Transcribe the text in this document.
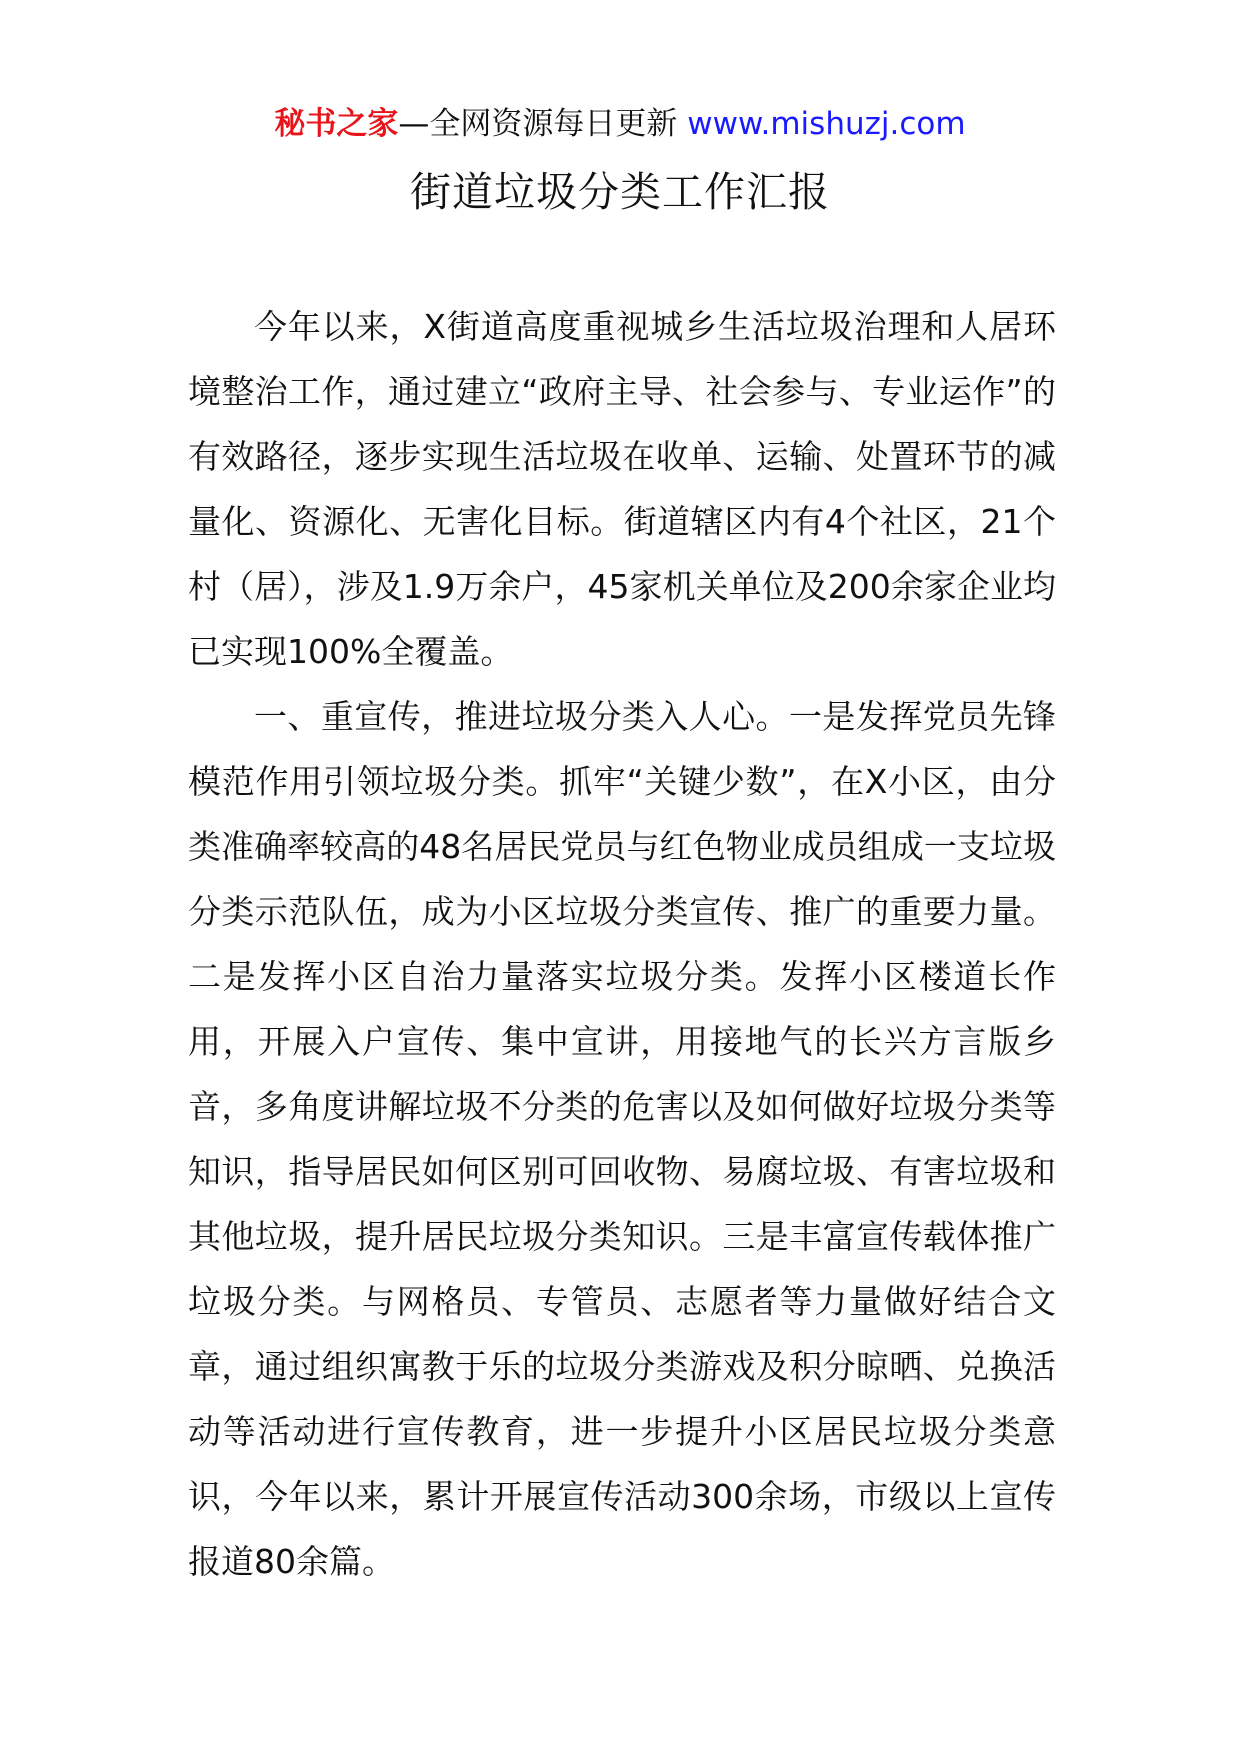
秘书之家—全网资源每日更新 www.mishuzj.com
街道垃圾分类工作汇报

今年以来，X街道高度重视城乡生活垃圾治理和人居环境整治工作，通过建立“政府主导、社会参与、专业运作”的有效路径，逐步实现生活垃圾在收单、运输、处置环节的减量化、资源化、无害化目标。街道辖区内有4个社区，21个村（居），涉及1.9万余户，45家机关单位及200余家企业均已实现100%全覆盖。

一、重宣传，推进垃圾分类入人心。一是发挥党员先锋模范作用引领垃圾分类。抓牢“关键少数”，在X小区，由分类准确率较高的48名居民党员与红色物业成员组成一支垃圾分类示范队伍，成为小区垃圾分类宣传、推广的重要力量。二是发挥小区自治力量落实垃圾分类。发挥小区楼道长作用，开展入户宣传、集中宣讲，用接地气的长兴方言版乡音，多角度讲解垃圾不分类的危害以及如何做好垃圾分类等知识，指导居民如何区别可回收物、易腐垃圾、有害垃圾和其他垃圾，提升居民垃圾分类知识。三是丰富宣传载体推广垃圾分类。与网格员、专管员、志愿者等力量做好结合文章，通过组织寓教于乐的垃圾分类游戏及积分晾晒、兑换活动等活动进行宣传教育，进一步提升小区居民垃圾分类意识，今年以来，累计开展宣传活动300余场，市级以上宣传报道80余篇。
